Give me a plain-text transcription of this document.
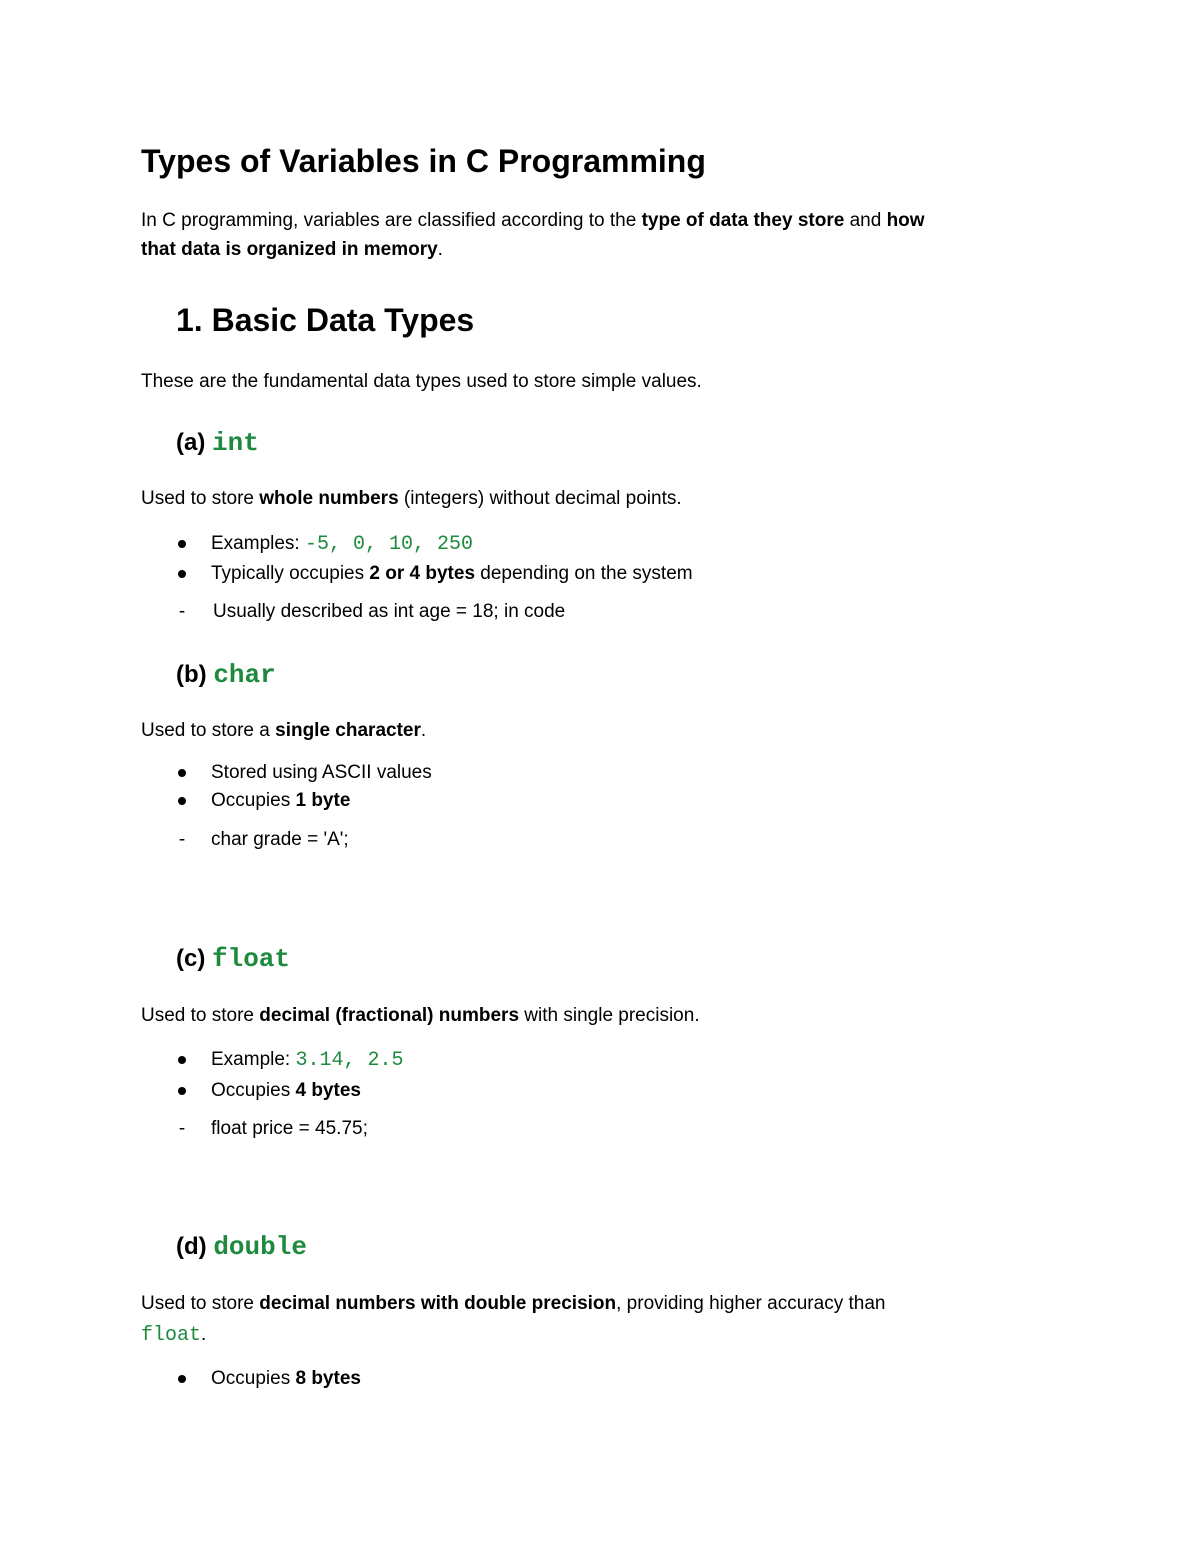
Types of Variables in C Programming
In C programming, variables are classified according to the type of data they store and how
that data is organized in memory.
1. Basic Data Types
These are the fundamental data types used to store simple values.
(a) int
Used to store whole numbers (integers) without decimal points.
Examples: -5, 0, 10, 250
Typically occupies 2 or 4 bytes depending on the system
- Usually described as int age = 18; in code
(b) char
Used to store a single character.
Stored using ASCII values
Occupies 1 byte
- char grade = 'A';
(c) float
Used to store decimal (fractional) numbers with single precision.
Example: 3.14, 2.5
Occupies 4 bytes
- float price = 45.75;
(d) double
Used to store decimal numbers with double precision, providing higher accuracy than
float.
Occupies 8 bytes
